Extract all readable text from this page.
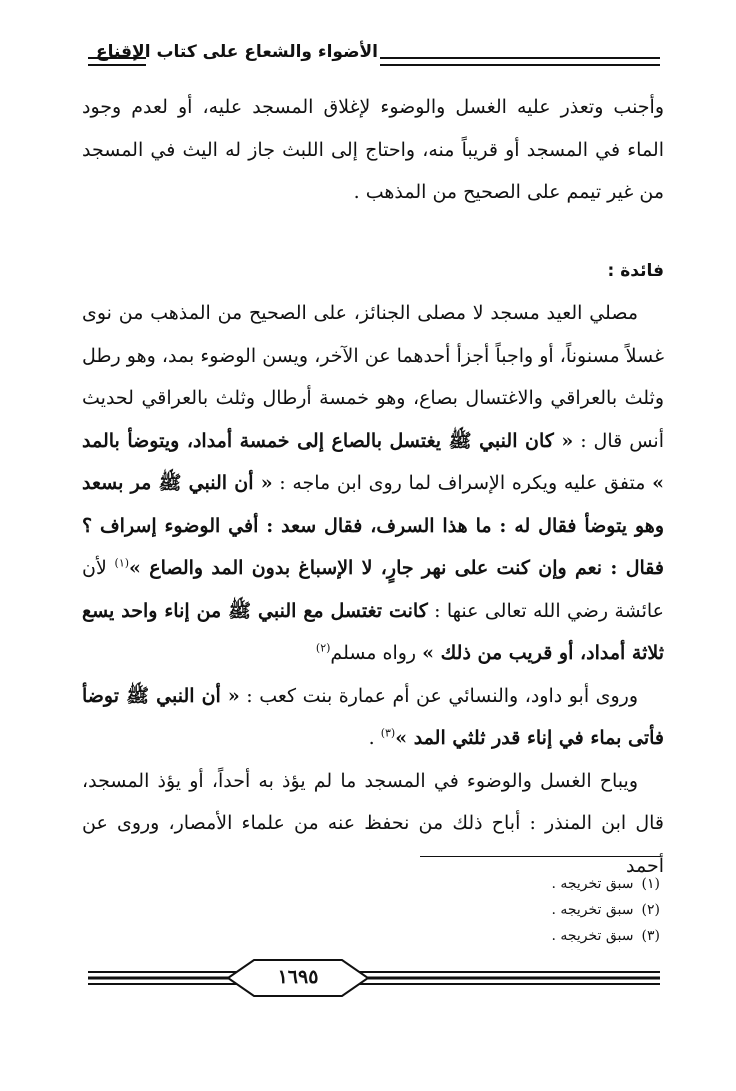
الأضواء والشعاع على كتاب الإقناع

وأجنب وتعذر عليه الغسل والوضوء لإغلاق المسجد عليه، أو لعدم وجود الماء في المسجد أو قريباً منه، واحتاج إلى اللبث جاز له اليث في المسجد من غير تيمم على الصحيح من المذهب .

فائدة :

مصلي العيد مسجد لا مصلى الجنائز، على الصحيح من المذهب من نوى غسلاً مسنوناً، أو واجباً أجزأ أحدهما عن الآخر، ويسن الوضوء بمد، وهو رطل وثلث بالعراقي والاغتسال بصاع، وهو خمسة أرطال وثلث بالعراقي لحديث أنس قال : « كان النبي ﷺ يغتسل بالصاع إلى خمسة أمداد، ويتوضأ بالمد » متفق عليه ويكره الإسراف لما روى ابن ماجه : « أن النبي ﷺ مر بسعد وهو يتوضأ فقال له : ما هذا السرف، فقال سعد : أفي الوضوء إسراف ؟ فقال : نعم وإن كنت على نهر جارٍ، لا الإسباغ بدون المد والصاع »$^{(١)}$ لأن عائشة رضي الله تعالى عنها : كانت تغتسل مع النبي ﷺ من إناء واحد يسع ثلاثة أمداد، أو قريب من ذلك » رواه مسلم$^{(٢)}$

وروى أبو داود، والنسائي عن أم عمارة بنت كعب : « أن النبي ﷺ توضأ فأتى بماء في إناء قدر ثلثي المد »$^{(٣)}$ .

ويباح الغسل والوضوء في المسجد ما لم يؤذ به أحداً، أو يؤذ المسجد، قال ابن المنذر : أباح ذلك من نحفظ عنه من علماء الأمصار، وروى عن أحمد

(١)سبق تخريجه .
(٢)سبق تخريجه .
(٣)سبق تخريجه .
١٦٩٥
